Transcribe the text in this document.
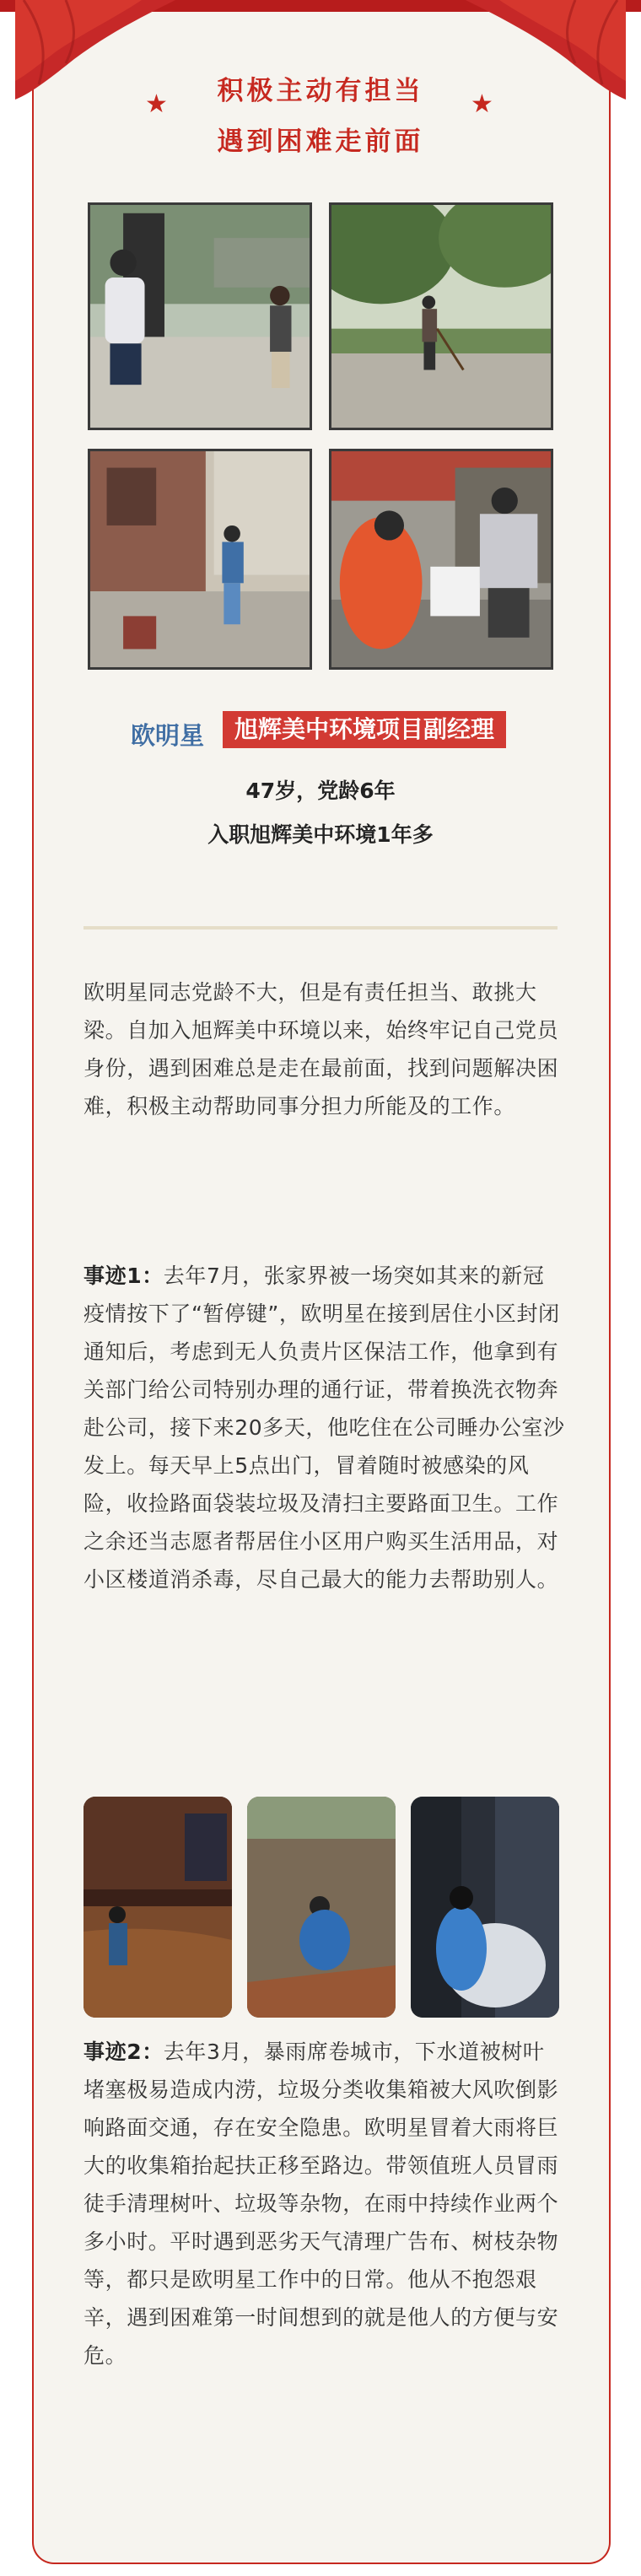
积极主动有担当
遇到困难走前面
★	★
欧明星	旭辉美中环境项目副经理
47岁，党龄6年
入职旭辉美中环境1年多

欧明星同志党龄不大，但是有责任担当、敢挑大梁。自加入旭辉美中环境以来，始终牢记自己党员身份，遇到困难总是走在最前面，找到问题解决困难，积极主动帮助同事分担力所能及的工作。

事迹1：去年7月，张家界被一场突如其来的新冠疫情按下了“暂停键”，欧明星在接到居住小区封闭通知后，考虑到无人负责片区保洁工作，他拿到有关部门给公司特别办理的通行证，带着换洗衣物奔赴公司，接下来20多天，他吃住在公司睡办公室沙发上。每天早上5点出门，冒着随时被感染的风险，收捡路面袋装垃圾及清扫主要路面卫生。工作之余还当志愿者帮居住小区用户购买生活用品，对小区楼道消杀毒，尽自己最大的能力去帮助别人。

事迹2：去年3月，暴雨席卷城市，下水道被树叶堵塞极易造成内涝，垃圾分类收集箱被大风吹倒影响路面交通，存在安全隐患。欧明星冒着大雨将巨大的收集箱抬起扶正移至路边。带领值班人员冒雨徒手清理树叶、垃圾等杂物，在雨中持续作业两个多小时。平时遇到恶劣天气清理广告布、树枝杂物等，都只是欧明星工作中的日常。他从不抱怨艰辛，遇到困难第一时间想到的就是他人的方便与安危。
